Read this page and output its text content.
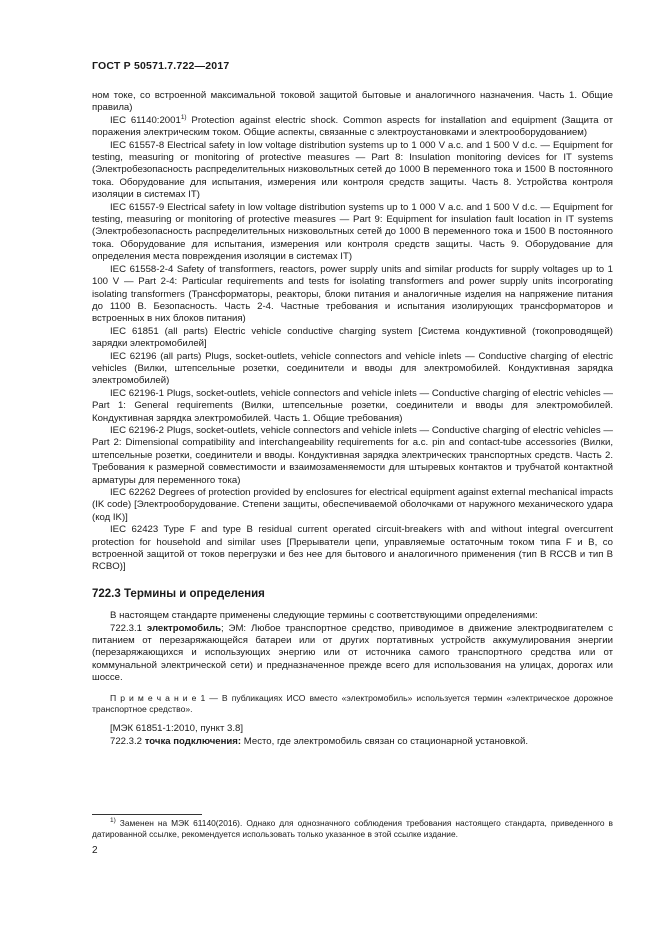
ГОСТ Р 50571.7.722—2017

ном токе, со встроенной максимальной токовой защитой бытовые и аналогичного назначения. Часть 1. Общие правила)

IEC 61140:2001$^{1)}$ Protection against electric shock. Common aspects for installation and equipment (Защита от поражения электрическим током. Общие аспекты, связанные с электроустановками и электрооборудованием)

IEC 61557-8 Electrical safety in low voltage distribution systems up to 1 000 V a.c. and 1 500 V d.c. — Equipment for testing, measuring or monitoring of protective measures — Part 8: Insulation monitoring devices for IT systems (Электробезопасность распределительных низковольтных сетей до 1000 В переменного тока и 1500 В постоянного тока. Оборудование для испытания, измерения или контроля средств защиты. Часть 8. Устройства контроля изоляции в системах IT)

IEC 61557-9 Electrical safety in low voltage distribution systems up to 1 000 V a.c. and 1 500 V d.c. — Equipment for testing, measuring or monitoring of protective measures — Part 9: Equipment for insulation fault location in IT systems (Электробезопасность распределительных низковольтных сетей до 1000 В переменного тока и 1500 В постоянного тока. Оборудование для испытания, измерения или контроля средств защиты. Часть 9. Оборудование для определения места повреждения изоляции в системах IT)

IEC 61558-2-4 Safety of transformers, reactors, power supply units and similar products for supply voltages up to 1 100 V — Part 2-4: Particular requirements and tests for isolating transformers and power supply units incorporating isolating transformers (Трансформаторы, реакторы, блоки питания и аналогичные изделия на напряжение питания до 1100 В. Безопасность. Часть 2-4. Частные требования и испытания изолирующих трансформаторов и встроенных в них блоков питания)

IEC 61851 (all parts) Electric vehicle conductive charging system [Система кондуктивной (токопроводящей) зарядки электромобилей]

IEC 62196 (all parts) Plugs, socket-outlets, vehicle connectors and vehicle inlets — Conductive charging of electric vehicles (Вилки, штепсельные розетки, соединители и вводы для электромобилей. Кондуктивная зарядка электромобилей)

IEC 62196-1 Plugs, socket-outlets, vehicle connectors and vehicle inlets — Conductive charging of electric vehicles — Part 1: General requirements (Вилки, штепсельные розетки, соединители и вводы для электромобилей. Кондуктивная зарядка электромобилей. Часть 1. Общие требования)

IEC 62196-2 Plugs, socket-outlets, vehicle connectors and vehicle inlets — Conductive charging of electric vehicles — Part 2: Dimensional compatibility and interchangeability requirements for a.c. pin and contact-tube accessories (Вилки, штепсельные розетки, соединители и вводы. Кондуктивная зарядка электрических транспортных средств. Часть 2. Требования к размерной совместимости и взаимозаменяемости для штыревых контактов и трубчатой контактной арматуры для переменного тока)

IEC 62262 Degrees of protection provided by enclosures for electrical equipment against external mechanical impacts (IK code) [Электрооборудование. Степени защиты, обеспечиваемой оболочками от наружного механического удара (код IK)]

IEC 62423 Type F and type B residual current operated circuit-breakers with and without integral overcurrent protection for household and similar uses [Прерыватели цепи, управляемые остаточным током типа F и B, со встроенной защитой от токов перегрузки и без нее для бытового и аналогичного применения (тип B RCCB и тип B RCBO)]

722.3 Термины и определения

В настоящем стандарте применены следующие термины с соответствующими определениями:

722.3.1 электромобиль; ЭМ: Любое транспортное средство, приводимое в движение электродвигателем с питанием от перезаряжающейся батареи или от других портативных устройств аккумулирования энергии (перезаряжающихся и использующих энергию или от источника самого транспортного средства или от коммунальной электрической сети) и предназначенное прежде всего для использования на улицах, дорогах или шоссе.

П р и м е ч а н и е 1 — В публикациях ИСО вместо «электромобиль» используется термин «электрическое дорожное транспортное средство».

[МЭК 61851-1:2010, пункт 3.8]

722.3.2 точка подключения: Место, где электромобиль связан со стационарной установкой.

$^{1)}$ Заменен на МЭК 61140(2016). Однако для однозначного соблюдения требования настоящего стандарта, приведенного в датированной ссылке, рекомендуется использовать только указанное в этой ссылке издание.
2
